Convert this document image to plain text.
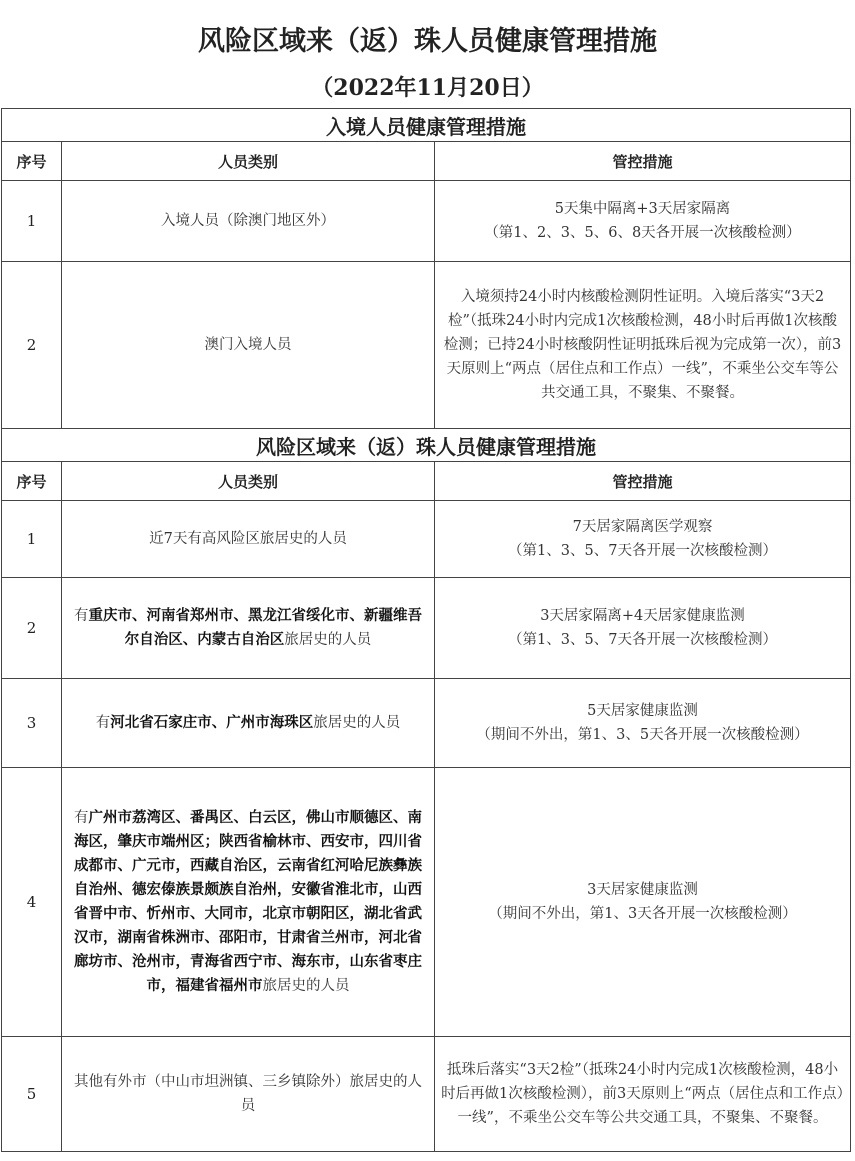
风险区域来（返）珠人员健康管理措施
（2022年11月20日）
入境人员健康管理措施		
序号	人员类别	管控措施
1	入境人员（除澳门地区外）	5天集中隔离+3天居家隔离
（第1、2、3、5、6、8天各开展一次核酸检测）

2	澳门入境人员	入境须持24小时内核酸检测阴性证明。入境后落实“3天2检”（抵珠24小时内完成1次核酸检测，48小时后再做1次核酸检测；已持24小时核酸阴性证明抵珠后视为完成第一次），前3天原则上“两点（居住点和工作点）一线”，不乘坐公交车等公共交通工具，不聚集、不聚餐。

风险区域来（返）珠人员健康管理措施		
序号	人员类别	管控措施
1	近7天有高风险区旅居史的人员	7天居家隔离医学观察
（第1、3、5、7天各开展一次核酸检测）

2	有重庆市、河南省郑州市、黑龙江省绥化市、新疆维吾尔自治区、内蒙古自治区旅居史的人员	3天居家隔离+4天居家健康监测
（第1、3、5、7天各开展一次核酸检测）

3	有河北省石家庄市、广州市海珠区旅居史的人员	5天居家健康监测
（期间不外出，第1、3、5天各开展一次核酸检测）

4	有广州市荔湾区、番禺区、白云区，佛山市顺德区、南海区，肇庆市端州区；陕西省榆林市、西安市，四川省成都市、广元市，西藏自治区，云南省红河哈尼族彝族自治州、德宏傣族景颇族自治州，安徽省淮北市，山西省晋中市、忻州市、大同市，北京市朝阳区，湖北省武汉市，湖南省株洲市、邵阳市，甘肃省兰州市，河北省廊坊市、沧州市，青海省西宁市、海东市，山东省枣庄市，福建省福州市旅居史的人员	3天居家健康监测
（期间不外出，第1、3天各开展一次核酸检测）

5	其他有外市（中山市坦洲镇、三乡镇除外）旅居史的人员	抵珠后落实“3天2检”（抵珠24小时内完成1次核酸检测，48小时后再做1次核酸检测），前3天原则上“两点（居住点和工作点）一线”，不乘坐公交车等公共交通工具，不聚集、不聚餐。
